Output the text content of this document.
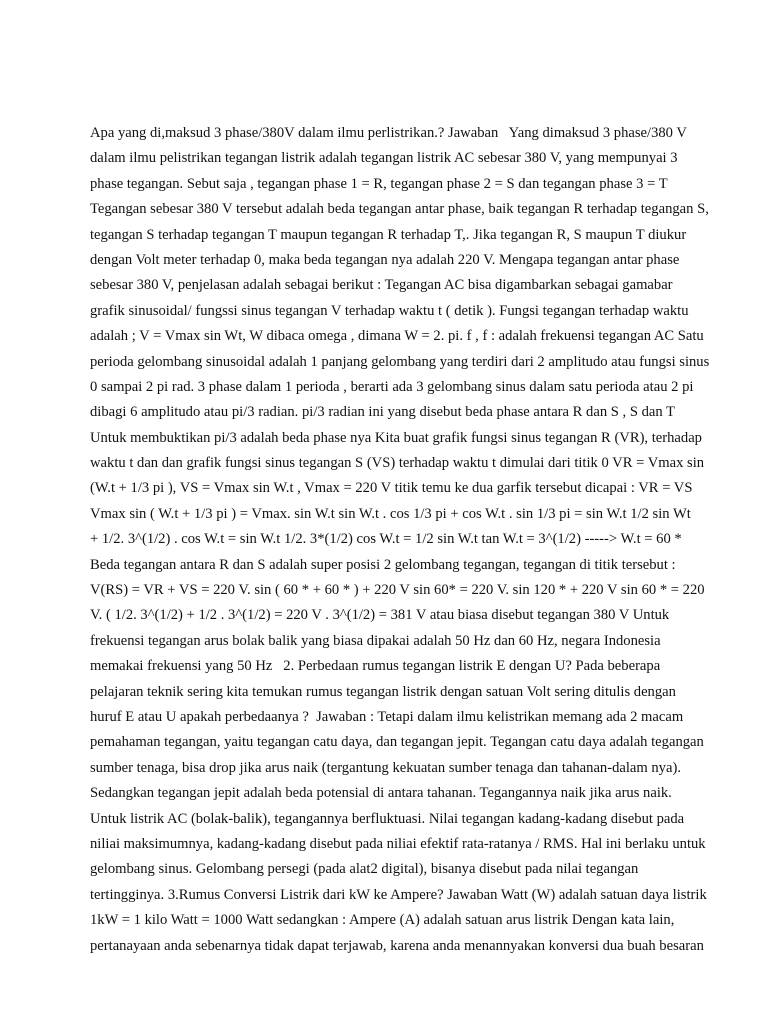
Apa yang di,maksud 3 phase/380V dalam ilmu perlistrikan.? Jawaban   Yang dimaksud 3 phase/380 V
dalam ilmu pelistrikan tegangan listrik adalah tegangan listrik AC sebesar 380 V, yang mempunyai 3
phase tegangan. Sebut saja , tegangan phase 1 = R, tegangan phase 2 = S dan tegangan phase 3 = T
Tegangan sebesar 380 V tersebut adalah beda tegangan antar phase, baik tegangan R terhadap tegangan S,
tegangan S terhadap tegangan T maupun tegangan R terhadap T,. Jika tegangan R, S maupun T diukur
dengan Volt meter terhadap 0, maka beda tegangan nya adalah 220 V. Mengapa tegangan antar phase
sebesar 380 V, penjelasan adalah sebagai berikut : Tegangan AC bisa digambarkan sebagai gamabar
grafik sinusoidal/ fungssi sinus tegangan V terhadap waktu t ( detik ). Fungsi tegangan terhadap waktu
adalah ; V = Vmax sin Wt, W dibaca omega , dimana W = 2. pi. f , f : adalah frekuensi tegangan AC Satu
perioda gelombang sinusoidal adalah 1 panjang gelombang yang terdiri dari 2 amplitudo atau fungsi sinus
0 sampai 2 pi rad. 3 phase dalam 1 perioda , berarti ada 3 gelombang sinus dalam satu perioda atau 2 pi
dibagi 6 amplitudo atau pi/3 radian. pi/3 radian ini yang disebut beda phase antara R dan S , S dan T
Untuk membuktikan pi/3 adalah beda phase nya Kita buat grafik fungsi sinus tegangan R (VR), terhadap
waktu t dan dan grafik fungsi sinus tegangan S (VS) terhadap waktu t dimulai dari titik 0 VR = Vmax sin
(W.t + 1/3 pi ), VS = Vmax sin W.t , Vmax = 220 V titik temu ke dua garfik tersebut dicapai : VR = VS
Vmax sin ( W.t + 1/3 pi ) = Vmax. sin W.t sin W.t . cos 1/3 pi + cos W.t . sin 1/3 pi = sin W.t 1/2 sin Wt
+ 1/2. 3^(1/2) . cos W.t = sin W.t 1/2. 3*(1/2) cos W.t = 1/2 sin W.t tan W.t = 3^(1/2) -----> W.t = 60 *
Beda tegangan antara R dan S adalah super posisi 2 gelombang tegangan, tegangan di titik tersebut :
V(RS) = VR + VS = 220 V. sin ( 60 * + 60 * ) + 220 V sin 60* = 220 V. sin 120 * + 220 V sin 60 * = 220
V. ( 1/2. 3^(1/2) + 1/2 . 3^(1/2) = 220 V . 3^(1/2) = 381 V atau biasa disebut tegangan 380 V Untuk
frekuensi tegangan arus bolak balik yang biasa dipakai adalah 50 Hz dan 60 Hz, negara Indonesia
memakai frekuensi yang 50 Hz   2. Perbedaan rumus tegangan listrik E dengan U? Pada beberapa
pelajaran teknik sering kita temukan rumus tegangan listrik dengan satuan Volt sering ditulis dengan
huruf E atau U apakah perbedaanya ?  Jawaban : Tetapi dalam ilmu kelistrikan memang ada 2 macam
pemahaman tegangan, yaitu tegangan catu daya, dan tegangan jepit. Tegangan catu daya adalah tegangan
sumber tenaga, bisa drop jika arus naik (tergantung kekuatan sumber tenaga dan tahanan-dalam nya).
Sedangkan tegangan jepit adalah beda potensial di antara tahanan. Tegangannya naik jika arus naik.
Untuk listrik AC (bolak-balik), tegangannya berfluktuasi. Nilai tegangan kadang-kadang disebut pada
niliai maksimumnya, kadang-kadang disebut pada niliai efektif rata-ratanya / RMS. Hal ini berlaku untuk
gelombang sinus. Gelombang persegi (pada alat2 digital), bisanya disebut pada nilai tegangan
tertingginya. 3.Rumus Conversi Listrik dari kW ke Ampere? Jawaban Watt (W) adalah satuan daya listrik
1kW = 1 kilo Watt = 1000 Watt sedangkan : Ampere (A) adalah satuan arus listrik Dengan kata lain,
pertanayaan anda sebenarnya tidak dapat terjawab, karena anda menannyakan konversi dua buah besaran
